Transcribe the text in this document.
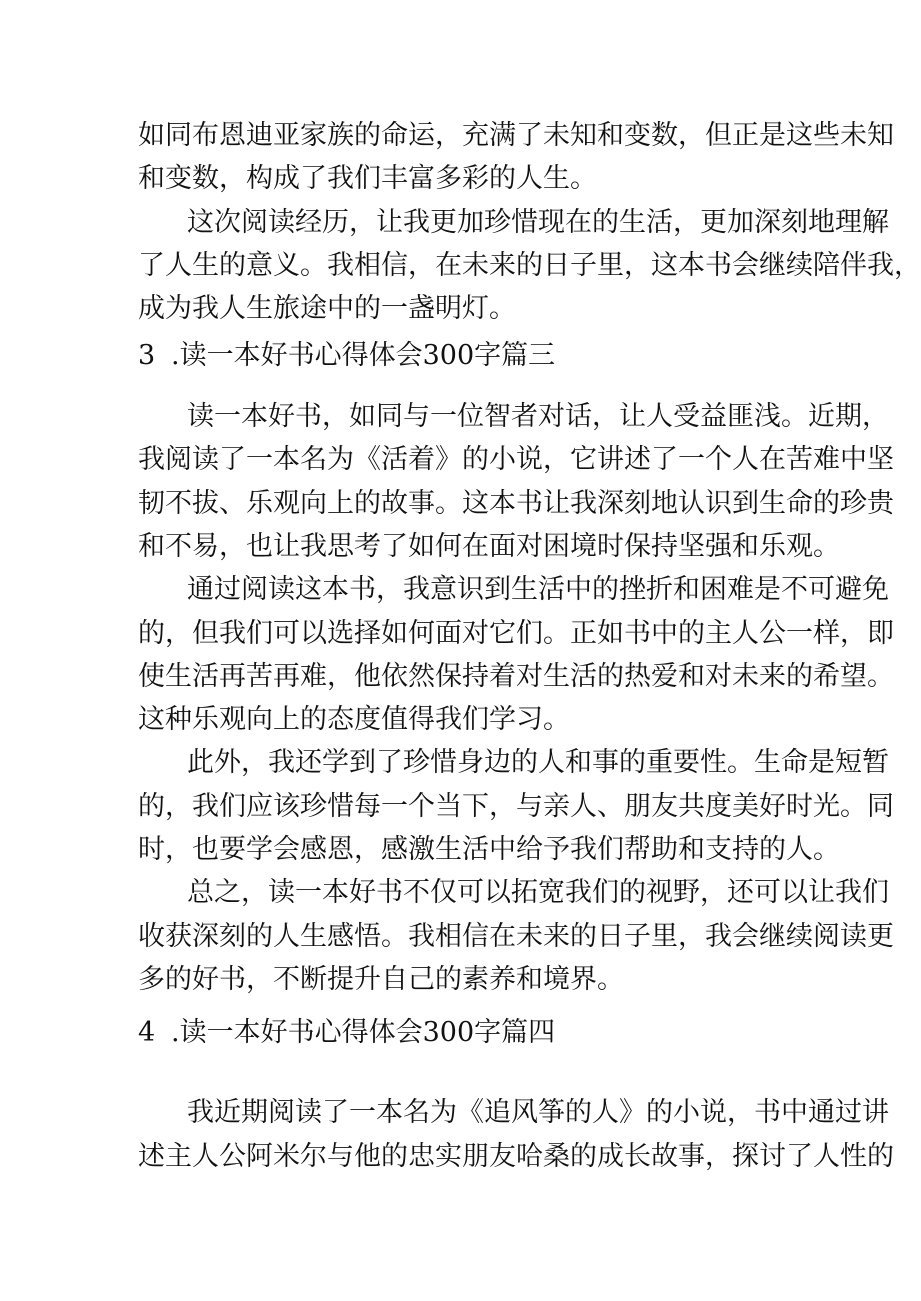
如同布恩迪亚家族的命运，充满了未知和变数，但正是这些未知
和变数，构成了我们丰富多彩的人生。
这次阅读经历，让我更加珍惜现在的生活，更加深刻地理解
了人生的意义。我相信，在未来的日子里，这本书会继续陪伴我，
成为我人生旅途中的一盏明灯。
3 .读一本好书心得体会300字篇三
读一本好书，如同与一位智者对话，让人受益匪浅。近期，
我阅读了一本名为《活着》的小说，它讲述了一个人在苦难中坚
韧不拔、乐观向上的故事。这本书让我深刻地认识到生命的珍贵
和不易，也让我思考了如何在面对困境时保持坚强和乐观。
通过阅读这本书，我意识到生活中的挫折和困难是不可避免
的，但我们可以选择如何面对它们。正如书中的主人公一样，即
使生活再苦再难，他依然保持着对生活的热爱和对未来的希望。
这种乐观向上的态度值得我们学习。
此外，我还学到了珍惜身边的人和事的重要性。生命是短暂
的，我们应该珍惜每一个当下，与亲人、朋友共度美好时光。同
时，也要学会感恩，感激生活中给予我们帮助和支持的人。
总之，读一本好书不仅可以拓宽我们的视野，还可以让我们
收获深刻的人生感悟。我相信在未来的日子里，我会继续阅读更
多的好书，不断提升自己的素养和境界。
4 .读一本好书心得体会300字篇四
我近期阅读了一本名为《追风筝的人》的小说，书中通过讲
述主人公阿米尔与他的忠实朋友哈桑的成长故事，探讨了人性的
